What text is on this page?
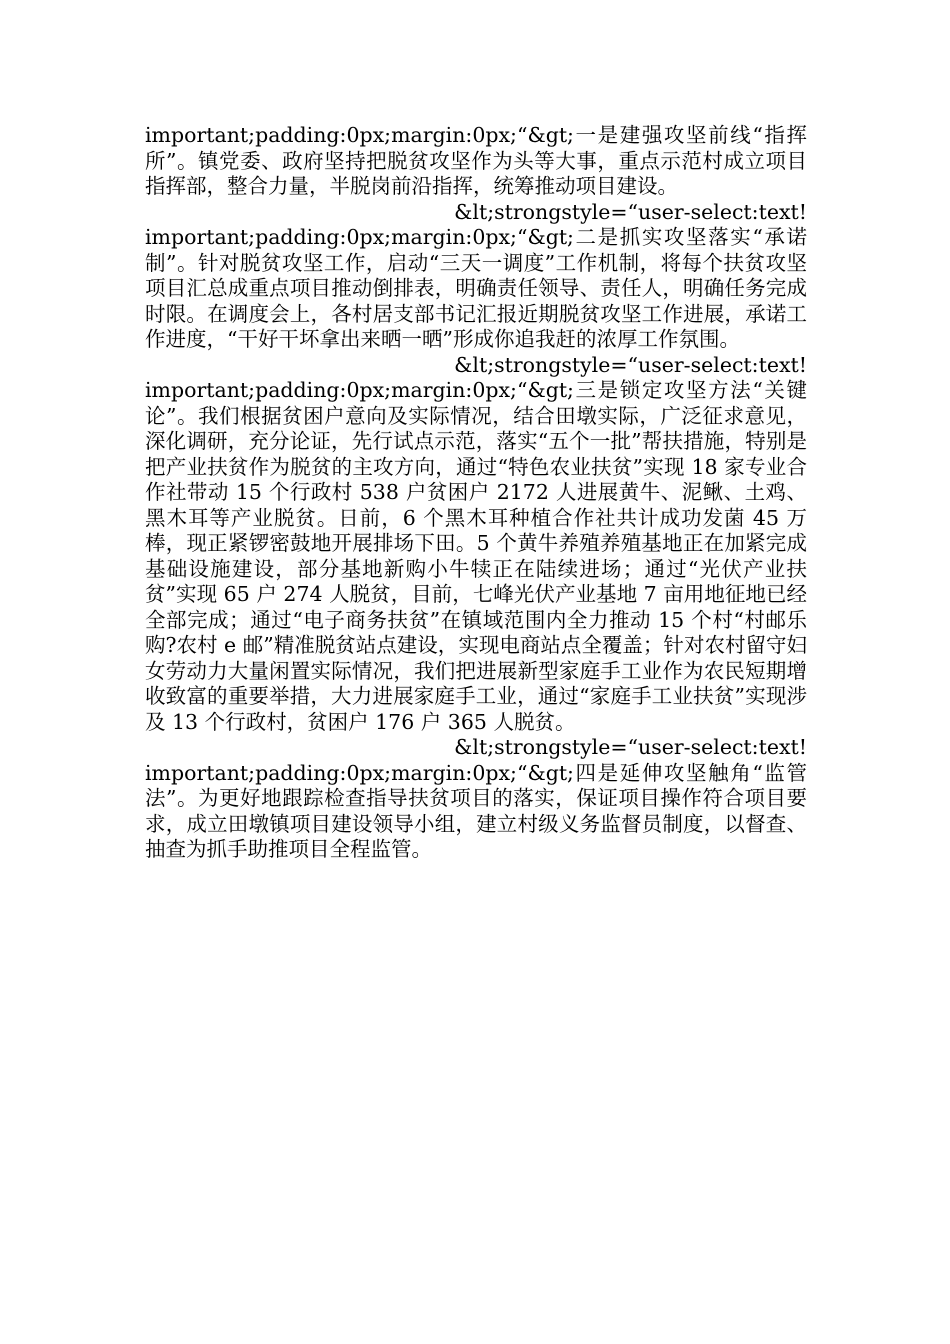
important;padding:0px;margin:0px;“&gt;一是建强攻坚前线“指挥所”。镇党委、政府坚持把脱贫攻坚作为头等大事，重点示范村成立项目指挥部，整合力量，半脱岗前沿指挥，统筹推动项目建设。

&lt;strongstyle=“user-select:text!
important;padding:0px;margin:0px;“&gt;二是抓实攻坚落实“承诺制”。针对脱贫攻坚工作，启动“三天一调度”工作机制，将每个扶贫攻坚项目汇总成重点项目推动倒排表，明确责任领导、责任人，明确任务完成时限。在调度会上，各村居支部书记汇报近期脱贫攻坚工作进展，承诺工作进度，“干好干坏拿出来晒一晒”形成你追我赶的浓厚工作氛围。

&lt;strongstyle=“user-select:text!
important;padding:0px;margin:0px;“&gt;三是锁定攻坚方法“关键论”。我们根据贫困户意向及实际情况，结合田墩实际，广泛征求意见，深化调研，充分论证，先行试点示范，落实“五个一批”帮扶措施，特别是把产业扶贫作为脱贫的主攻方向，通过“特色农业扶贫”实现 18 家专业合作社带动 15 个行政村 538 户贫困户 2172 人进展黄牛、泥鳅、土鸡、黑木耳等产业脱贫。日前，6 个黑木耳种植合作社共计成功发菌 45 万棒，现正紧锣密鼓地开展排场下田。5 个黄牛养殖养殖基地正在加紧完成基础设施建设，部分基地新购小牛犊正在陆续进场；通过“光伏产业扶贫”实现 65 户 274 人脱贫，目前，七峰光伏产业基地 7 亩用地征地已经全部完成；通过“电子商务扶贫”在镇域范围内全力推动 15 个村“村邮乐购?农村 e 邮”精准脱贫站点建设，实现电商站点全覆盖；针对农村留守妇女劳动力大量闲置实际情况，我们把进展新型家庭手工业作为农民短期增收致富的重要举措，大力进展家庭手工业，通过“家庭手工业扶贫”实现涉及 13 个行政村，贫困户 176 户 365 人脱贫。

&lt;strongstyle=“user-select:text!
important;padding:0px;margin:0px;“&gt;四是延伸攻坚触角“监管法”。为更好地跟踪检查指导扶贫项目的落实，保证项目操作符合项目要求，成立田墩镇项目建设领导小组，建立村级义务监督员制度，以督查、抽查为抓手助推项目全程监管。
